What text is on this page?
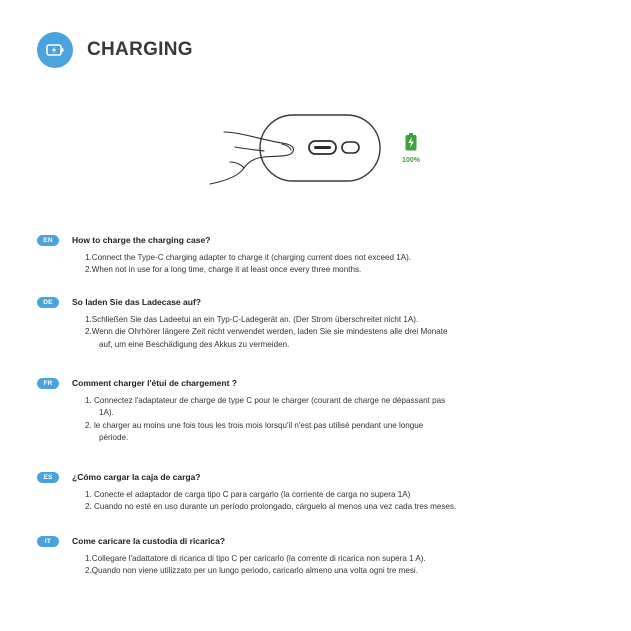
CHARGING
100%
EN	How to charge the charging case?
1.Connect the Type-C charging adapter to charge it (charging current does not exceed 1A).
2.When not in use for a long time, charge it at least once every three months.
DE	So laden Sie das Ladecase auf?
1.Schließen Sie das Ladeetui an ein Typ-C-Ladegerät an. (Der Strom überschreitet nicht 1A).
2.Wenn die Ohrhörer längere Zeit nicht verwendet werden, laden Sie sie mindestens alle drei Monate
auf, um eine Beschädigung des Akkus zu vermeiden.
FR	Comment charger l'étui de chargement ?
1. Connectez l'adaptateur de charge de type C pour le charger (courant de charge ne dépassant pas
1A).
2. le charger au moins une fois tous les trois mois lorsqu'il n'est pas utilisé pendant une longue
période.
ES	¿Cómo cargar la caja de carga?
1. Conecte el adaptador de carga tipo C para cargarlo (la corriente de carga no supera 1A)
2. Cuando no esté en uso durante un período prolongado, cárguelo al menos una vez cada tres meses.
IT	Come caricare la custodia di ricarica?
1.Collegare l'adattatore di ricarica di tipo C per caricarlo (la corrente di ricarica non supera 1 A).
2.Quando non viene utilizzato per un lungo periodo, caricarlo almeno una volta ogni tre mesi.
